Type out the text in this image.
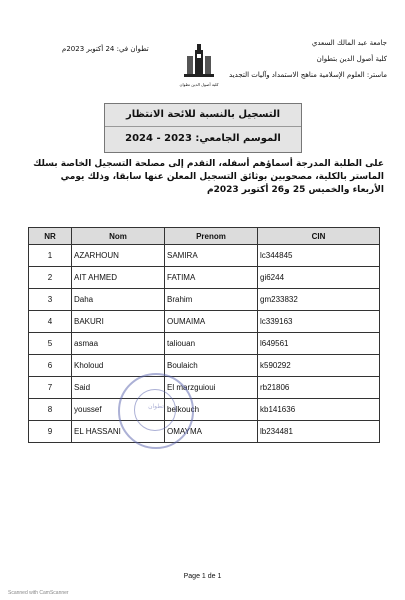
جامعة عبد المالك السعدي
كلية أصول الدين بتطوان
ماستر: العلوم الإسلامية مناهج الاستمداد وآليات التجديد
تطوان في: 24 أكتوبر 2023م
كلية أصول الدين تطوان
التسجيل بالنسبة للائحة الانتظار
الموسم الجامعي: 2023 - 2024
على الطلبة المدرجة أسماؤهم أسفله، التقدم إلى مصلحة التسجيل الخاصة بسلك الماستر بالكلية، مصحوبين بوثائق التسجيل المعلن عنها سابقا، وذلك يومي الأربعاء والخميس 25 و26 أكتوبر 2023م
NR	Nom	Prenom	CIN
1	AZARHOUN	SAMIRA	lc344845
2	AIT AHMED	FATIMA	gi6244
3	Daha	Brahim	gm233832
4	BAKURI	OUMAIMA	lc339163
5	asmaa	taliouan	l649561
6	Kholoud	Boulaich	k590292
7	Said	El marzguioui	rb21806
8	youssef	belkouch	kb141636
9	EL HASSANI	OMAYMA	lb234481
تطوان
Page 1 de 1
Scanned with CamScanner
